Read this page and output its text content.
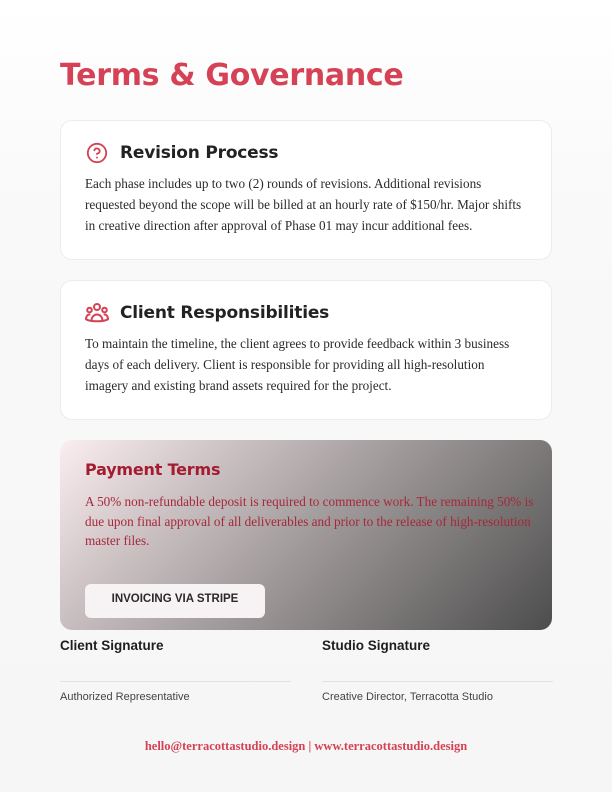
Terms & Governance
Revision Process

Each phase includes up to two (2) rounds of revisions. Additional revisions requested beyond the scope will be billed at an hourly rate of $150/hr. Major shifts in creative direction after approval of Phase 01 may incur additional fees.

Client Responsibilities

To maintain the timeline, the client agrees to provide feedback within 3 business days of each delivery. Client is responsible for providing all high-resolution imagery and existing brand assets required for the project.

Payment Terms

A 50% non-refundable deposit is required to commence work. The remaining 50% is due upon final approval of all deliverables and prior to the release of high-resolution master files.

INVOICING VIA STRIPE
Client Signature
Authorized Representative
Studio Signature
Creative Director, Terracotta Studio
hello@terracottastudio.design | www.terracottastudio.design
